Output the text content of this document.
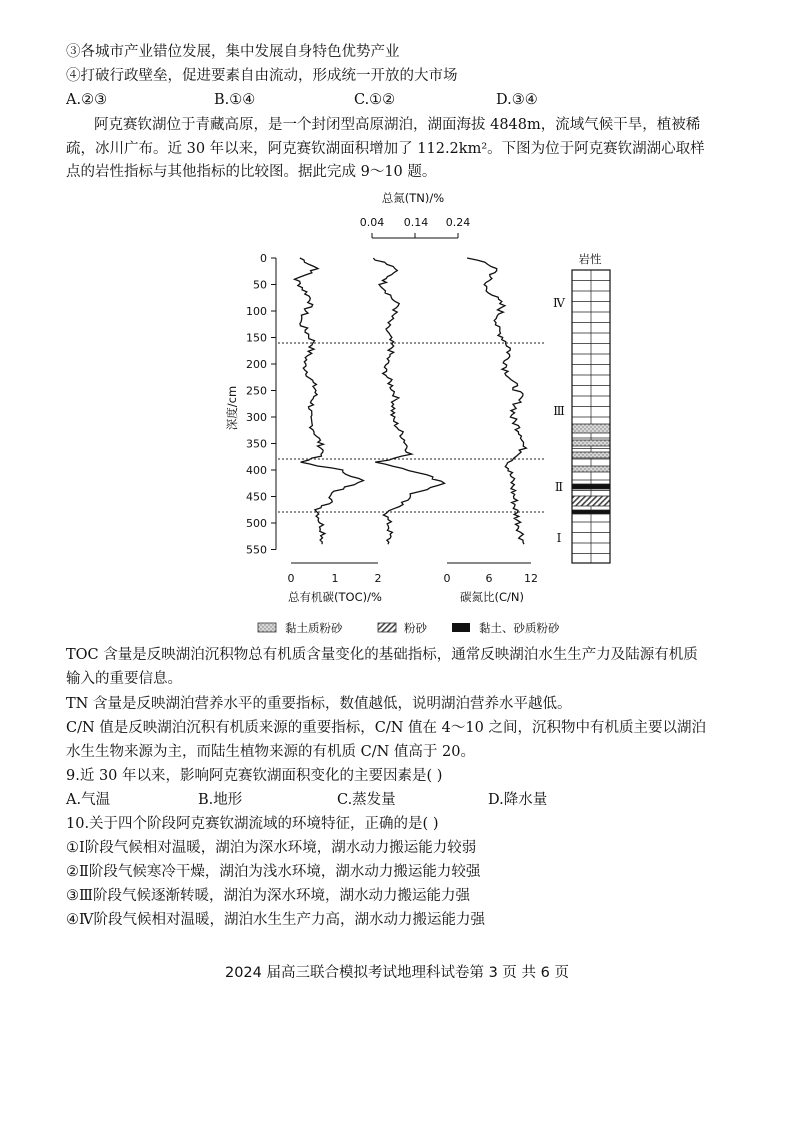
③各城市产业错位发展，集中发展自身特色优势产业
④打破行政壁垒，促进要素自由流动，形成统一开放的大市场
A.②③	B.①④	C.①②	D.③④
阿克赛钦湖位于青藏高原，是一个封闭型高原湖泊，湖面海拔 4848m，流域气候干旱，植被稀
疏，冰川广布。近 30 年以来，阿克赛钦湖面积增加了 112.2km²。下图为位于阿克赛钦湖湖心取样
点的岩性指标与其他指标的比较图。据此完成 9～10 题。
总氮(TN)/%
0.04 0.14 0.24
深度/cm
0
50
100
150
200
250
300
350
400
450
500
550
0	1	2
总有机碳(TOC)/%
0	6	12
碳氮比(C/N)
Ⅳ
Ⅲ
Ⅱ
Ⅰ
岩性
黏土质粉砂	粉砂	黏土、砂质粉砂
TOC 含量是反映湖泊沉积物总有机质含量变化的基础指标，通常反映湖泊水生生产力及陆源有机质
输入的重要信息。
TN 含量是反映湖泊营养水平的重要指标，数值越低，说明湖泊营养水平越低。
C/N 值是反映湖泊沉积有机质来源的重要指标，C/N 值在 4～10 之间，沉积物中有机质主要以湖泊
水生生物来源为主，而陆生植物来源的有机质 C/N 值高于 20。
9.近 30 年以来，影响阿克赛钦湖面积变化的主要因素是( )
A.气温	B.地形	C.蒸发量	D.降水量
10.关于四个阶段阿克赛钦湖流域的环境特征，正确的是( )
①Ⅰ阶段气候相对温暖，湖泊为深水环境，湖水动力搬运能力较弱
②Ⅱ阶段气候寒冷干燥，湖泊为浅水环境，湖水动力搬运能力较强
③Ⅲ阶段气候逐渐转暖，湖泊为深水环境，湖水动力搬运能力强
④Ⅳ阶段气候相对温暖，湖泊水生生产力高，湖水动力搬运能力强
2024 届高三联合模拟考试地理科试卷第 3 页 共 6 页
